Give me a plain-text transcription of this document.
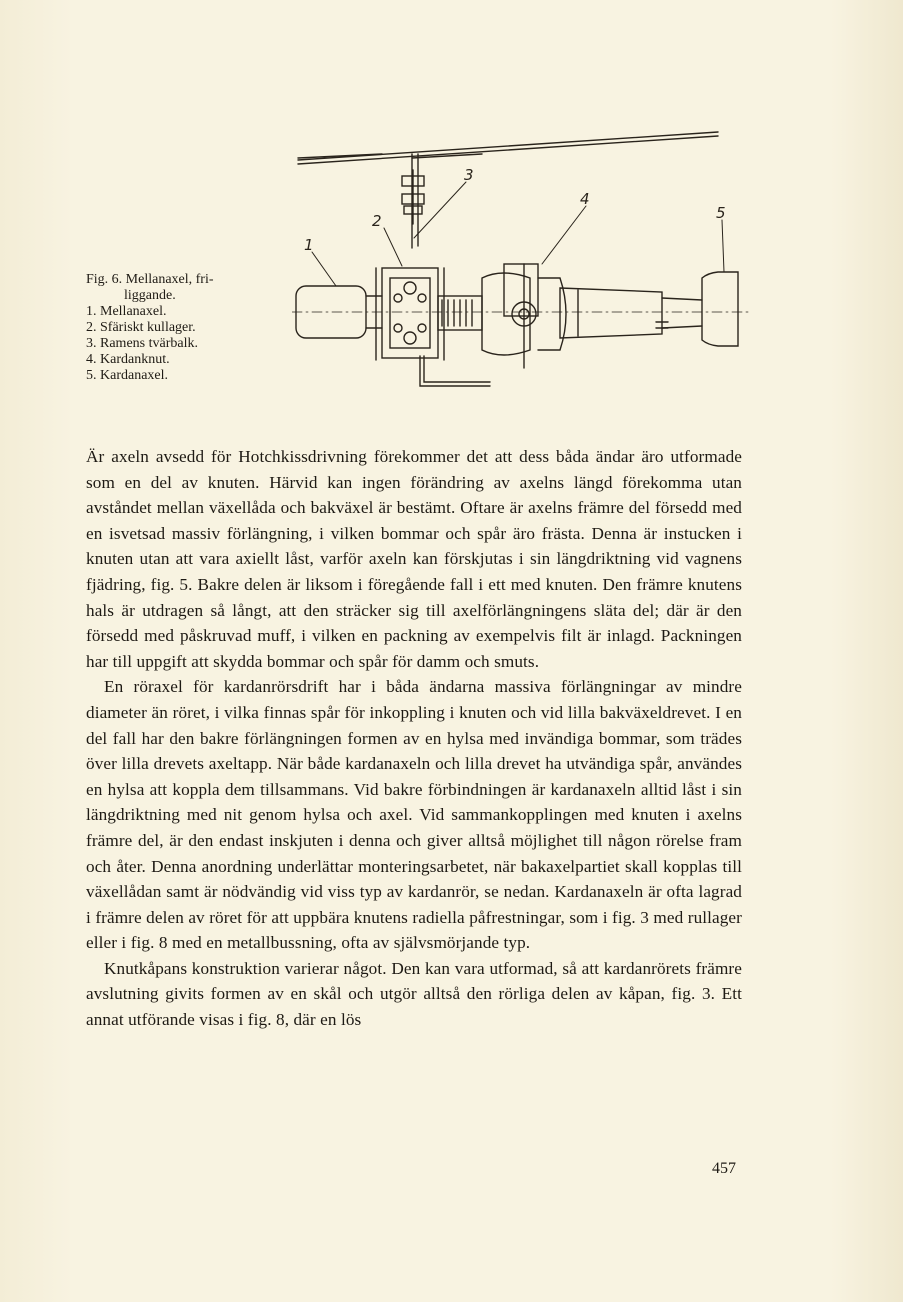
Fig. 6. Mellanaxel, fri-
liggande.
1. Mellanaxel.
2. Sfäriskt kullager.
3. Ramens tvärbalk.
4. Kardanknut.
5. Kardanaxel.
1
2
3
4
5

Är axeln avsedd för Hotchkissdrivning förekommer det att dess båda ändar äro utformade som en del av knuten. Härvid kan ingen förändring av axelns längd förekomma utan avståndet mellan växellåda och bakväxel är bestämt. Oftare är axelns främre del försedd med en isvetsad massiv förlängning, i vilken bommar och spår äro frästa. Denna är instucken i knuten utan att vara axiellt låst, varför axeln kan förskjutas i sin längdriktning vid vagnens fjädring, fig. 5. Bakre delen är liksom i föregående fall i ett med knuten. Den främre knutens hals är utdragen så långt, att den sträcker sig till axelförlängningens släta del; där är den försedd med påskruvad muff, i vilken en packning av exempelvis filt är inlagd. Packningen har till uppgift att skydda bommar och spår för damm och smuts.

En röraxel för kardanrörsdrift har i båda ändarna massiva förlängningar av mindre diameter än röret, i vilka finnas spår för inkoppling i knuten och vid lilla bakväxeldrevet. I en del fall har den bakre förlängningen formen av en hylsa med invändiga bommar, som trädes över lilla drevets axeltapp. När både kardanaxeln och lilla drevet ha utvändiga spår, användes en hylsa att koppla dem tillsammans. Vid bakre förbindningen är kardanaxeln alltid låst i sin längdriktning med nit genom hylsa och axel. Vid sammankopplingen med knuten i axelns främre del, är den endast inskjuten i denna och giver alltså möjlighet till någon rörelse fram och åter. Denna anordning underlättar monteringsarbetet, när bakaxelpartiet skall kopplas till växellådan samt är nödvändig vid viss typ av kardanrör, se nedan. Kardanaxeln är ofta lagrad i främre delen av röret för att uppbära knutens radiella påfrestningar, som i fig. 3 med rullager eller i fig. 8 med en metallbussning, ofta av självsmörjande typ.

Knutkåpans konstruktion varierar något. Den kan vara utformad, så att kardanrörets främre avslutning givits formen av en skål och utgör alltså den rörliga delen av kåpan, fig. 3. Ett annat utförande visas i fig. 8, där en lös

457
